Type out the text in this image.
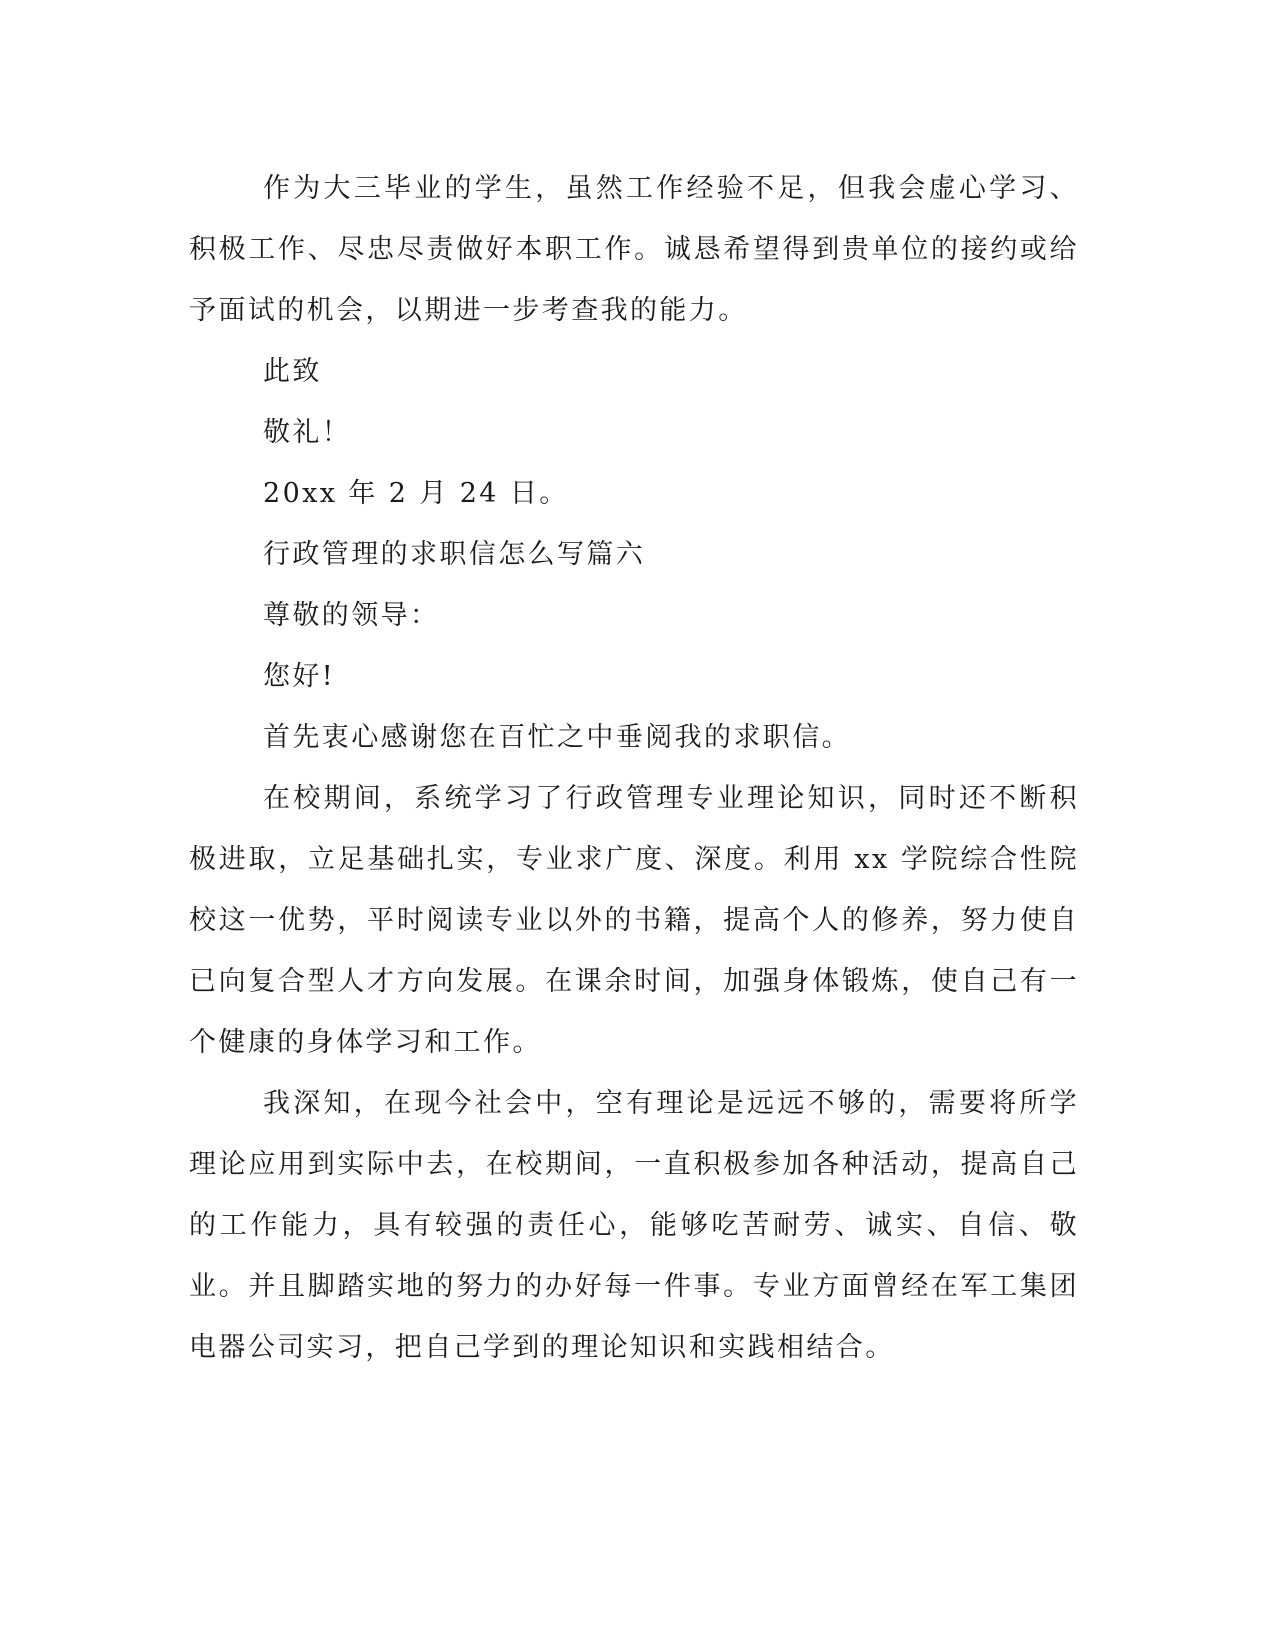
作为大三毕业的学生，虽然工作经验不足，但我会虚心学习、积极工作、尽忠尽责做好本职工作。诚恳希望得到贵单位的接约或给予面试的机会，以期进一步考查我的能力。

此致

敬礼！

20xx 年 2 月 24 日。

行政管理的求职信怎么写篇六

尊敬的领导：

您好!

首先衷心感谢您在百忙之中垂阅我的求职信。

在校期间，系统学习了行政管理专业理论知识，同时还不断积极进取，立足基础扎实，专业求广度、深度。利用 xx 学院综合性院校这一优势，平时阅读专业以外的书籍，提高个人的修养，努力使自已向复合型人才方向发展。在课余时间，加强身体锻炼，使自己有一个健康的身体学习和工作。

我深知，在现今社会中，空有理论是远远不够的，需要将所学理论应用到实际中去，在校期间，一直积极参加各种活动，提高自己的工作能力，具有较强的责任心，能够吃苦耐劳、诚实、自信、敬业。并且脚踏实地的努力的办好每一件事。专业方面曾经在军工集团电器公司实习，把自己学到的理论知识和实践相结合。
